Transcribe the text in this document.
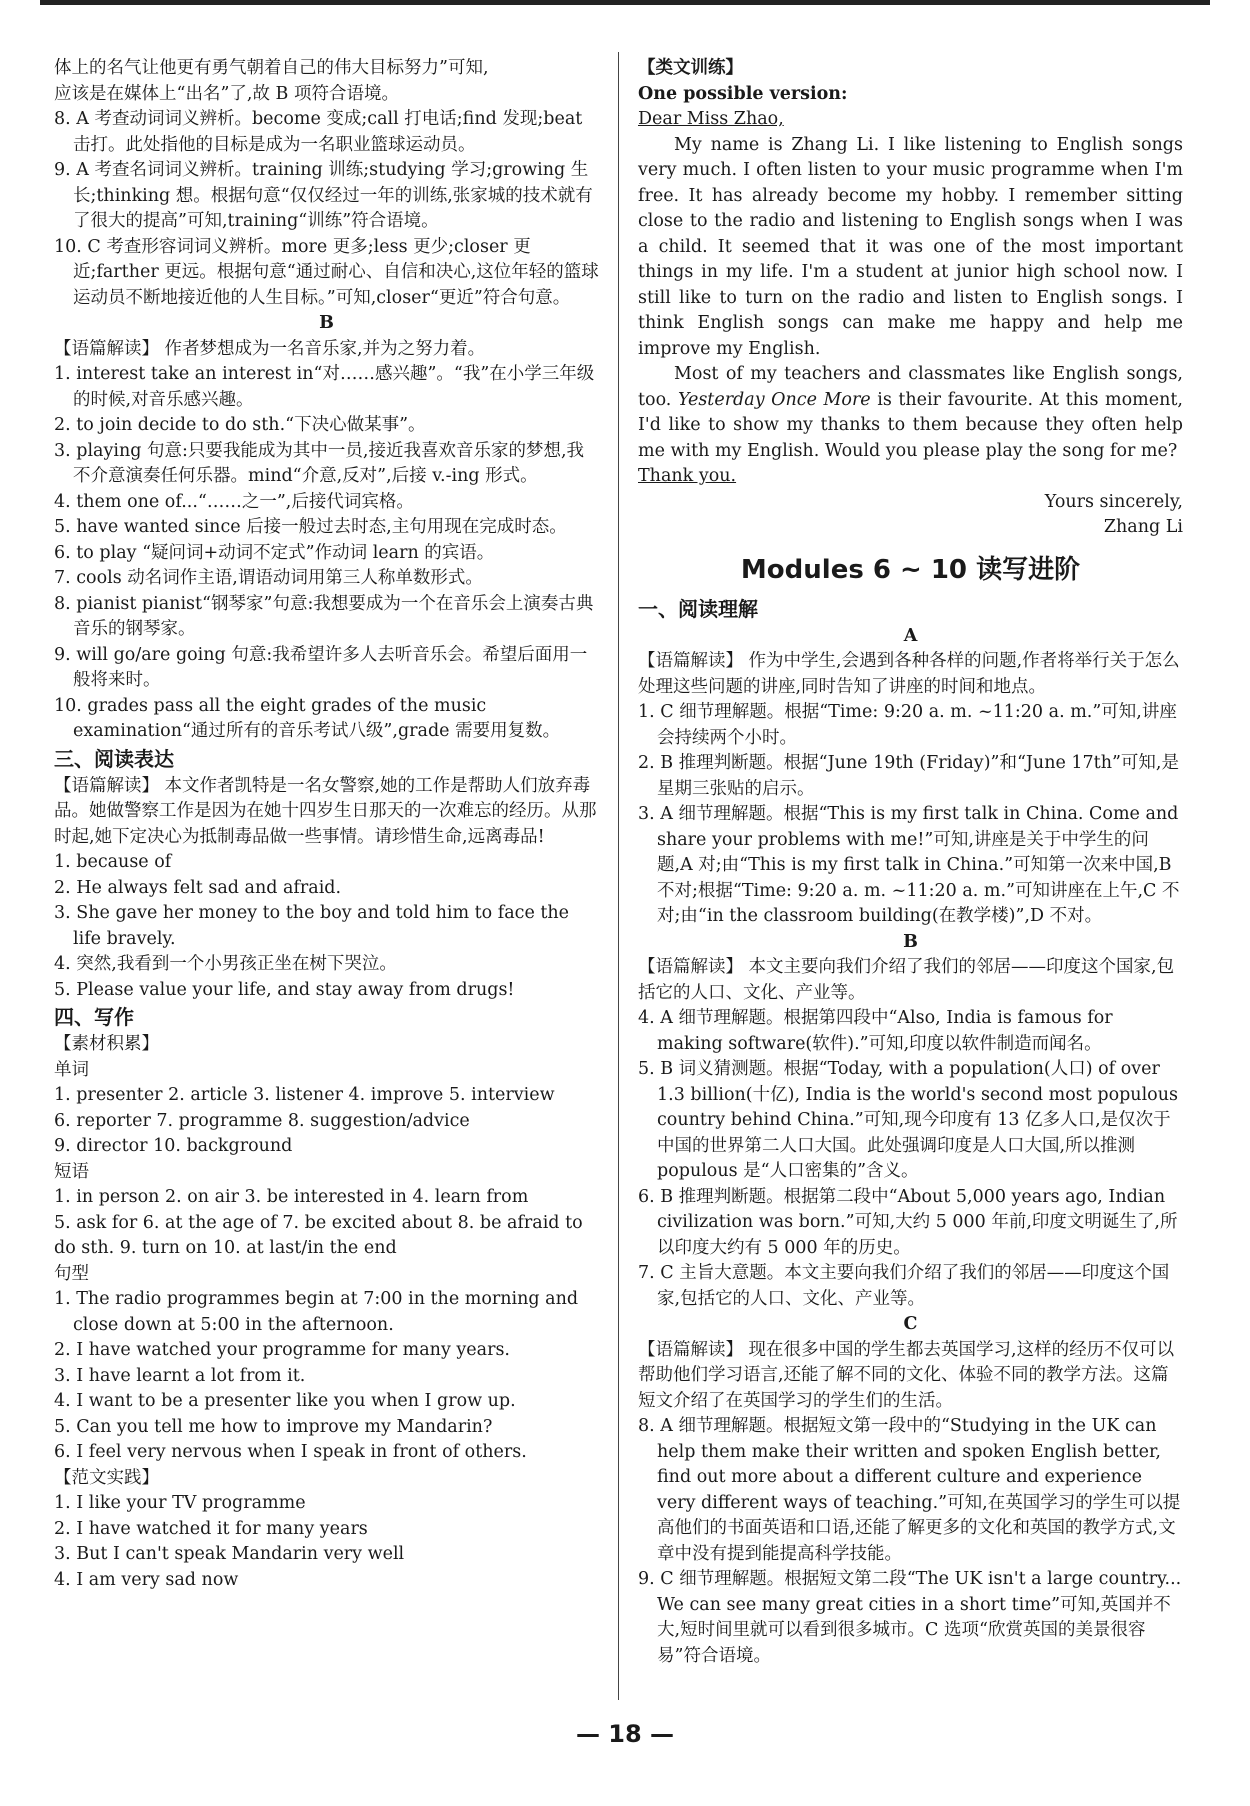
体上的名气让他更有勇气朝着自己的伟大目标努力”可知,

应该是在媒体上“出名”了,故 B 项符合语境。

8. A 考查动词词义辨析。become 变成;call 打电话;find 发现;beat 击打。此处指他的目标是成为一名职业篮球运动员。

9. A 考查名词词义辨析。training 训练;studying 学习;growing 生长;thinking 想。根据句意“仅仅经过一年的训练,张家城的技术就有了很大的提高”可知,training“训练”符合语境。

10. C 考查形容词词义辨析。more 更多;less 更少;closer 更近;farther 更远。根据句意“通过耐心、自信和决心,这位年轻的篮球运动员不断地接近他的人生目标。”可知,closer“更近”符合句意。

B

【语篇解读】 作者梦想成为一名音乐家,并为之努力着。

1. interest take an interest in“对……感兴趣”。“我”在小学三年级的时候,对音乐感兴趣。

2. to join decide to do sth.“下决心做某事”。

3. playing 句意:只要我能成为其中一员,接近我喜欢音乐家的梦想,我不介意演奏任何乐器。mind“介意,反对”,后接 v.-ing 形式。

4. them one of...“……之一”,后接代词宾格。

5. have wanted since 后接一般过去时态,主句用现在完成时态。

6. to play “疑问词+动词不定式”作动词 learn 的宾语。

7. cools 动名词作主语,谓语动词用第三人称单数形式。

8. pianist pianist“钢琴家”句意:我想要成为一个在音乐会上演奏古典音乐的钢琴家。

9. will go/are going 句意:我希望许多人去听音乐会。希望后面用一般将来时。

10. grades pass all the eight grades of the music examination“通过所有的音乐考试八级”,grade 需要用复数。

三、阅读表达

【语篇解读】 本文作者凯特是一名女警察,她的工作是帮助人们放弃毒品。她做警察工作是因为在她十四岁生日那天的一次难忘的经历。从那时起,她下定决心为抵制毒品做一些事情。请珍惜生命,远离毒品!

1. because of

2. He always felt sad and afraid.

3. She gave her money to the boy and told him to face the life bravely.

4. 突然,我看到一个小男孩正坐在树下哭泣。

5. Please value your life, and stay away from drugs!

四、写作

【素材积累】

单词

1. presenter 2. article 3. listener 4. improve 5. interview

6. reporter 7. programme 8. suggestion/advice

9. director 10. background

短语

1. in person 2. on air 3. be interested in 4. learn from

5. ask for 6. at the age of 7. be excited about 8. be afraid to do sth. 9. turn on 10. at last/in the end

句型

1. The radio programmes begin at 7:00 in the morning and close down at 5:00 in the afternoon.

2. I have watched your programme for many years.

3. I have learnt a lot from it.

4. I want to be a presenter like you when I grow up.

5. Can you tell me how to improve my Mandarin?

6. I feel very nervous when I speak in front of others.

【范文实践】

1. I like your TV programme

2. I have watched it for many years

3. But I can't speak Mandarin very well

4. I am very sad now

【类文训练】

One possible version:

Dear Miss Zhao,

My name is Zhang Li. I like listening to English songs very much. I often listen to your music programme when I'm free. It has already become my hobby. I remember sitting close to the radio and listening to English songs when I was a child. It seemed that it was one of the most important things in my life. I'm a student at junior high school now. I still like to turn on the radio and listen to English songs. I think English songs can make me happy and help me improve my English.

Most of my teachers and classmates like English songs, too. Yesterday Once More is their favourite. At this moment, I'd like to show my thanks to them because they often help me with my English. Would you please play the song for me?

Thank you.

Yours sincerely,

Zhang Li

Modules 6 ~ 10 读写进阶

一、阅读理解

A

【语篇解读】 作为中学生,会遇到各种各样的问题,作者将举行关于怎么处理这些问题的讲座,同时告知了讲座的时间和地点。

1. C 细节理解题。根据“Time: 9:20 a. m. ~11:20 a. m.”可知,讲座会持续两个小时。

2. B 推理判断题。根据“June 19th (Friday)”和“June 17th”可知,是星期三张贴的启示。

3. A 细节理解题。根据“This is my first talk in China. Come and share your problems with me!”可知,讲座是关于中学生的问题,A 对;由“This is my first talk in China.”可知第一次来中国,B 不对;根据“Time: 9:20 a. m. ~11:20 a. m.”可知讲座在上午,C 不对;由“in the classroom building(在教学楼)”,D 不对。

B

【语篇解读】 本文主要向我们介绍了我们的邻居——印度这个国家,包括它的人口、文化、产业等。

4. A 细节理解题。根据第四段中“Also, India is famous for making software(软件).”可知,印度以软件制造而闻名。

5. B 词义猜测题。根据“Today, with a population(人口) of over 1.3 billion(十亿), India is the world's second most populous country behind China.”可知,现今印度有 13 亿多人口,是仅次于中国的世界第二人口大国。此处强调印度是人口大国,所以推测 populous 是“人口密集的”含义。

6. B 推理判断题。根据第二段中“About 5,000 years ago, Indian civilization was born.”可知,大约 5 000 年前,印度文明诞生了,所以印度大约有 5 000 年的历史。

7. C 主旨大意题。本文主要向我们介绍了我们的邻居——印度这个国家,包括它的人口、文化、产业等。

C

【语篇解读】 现在很多中国的学生都去英国学习,这样的经历不仅可以帮助他们学习语言,还能了解不同的文化、体验不同的教学方法。这篇短文介绍了在英国学习的学生们的生活。

8. A 细节理解题。根据短文第一段中的“Studying in the UK can help them make their written and spoken English better, find out more about a different culture and experience very different ways of teaching.”可知,在英国学习的学生可以提高他们的书面英语和口语,还能了解更多的文化和英国的教学方式,文章中没有提到能提高科学技能。

9. C 细节理解题。根据短文第二段“The UK isn't a large country... We can see many great cities in a short time”可知,英国并不大,短时间里就可以看到很多城市。C 选项“欣赏英国的美景很容易”符合语境。

— 18 —
